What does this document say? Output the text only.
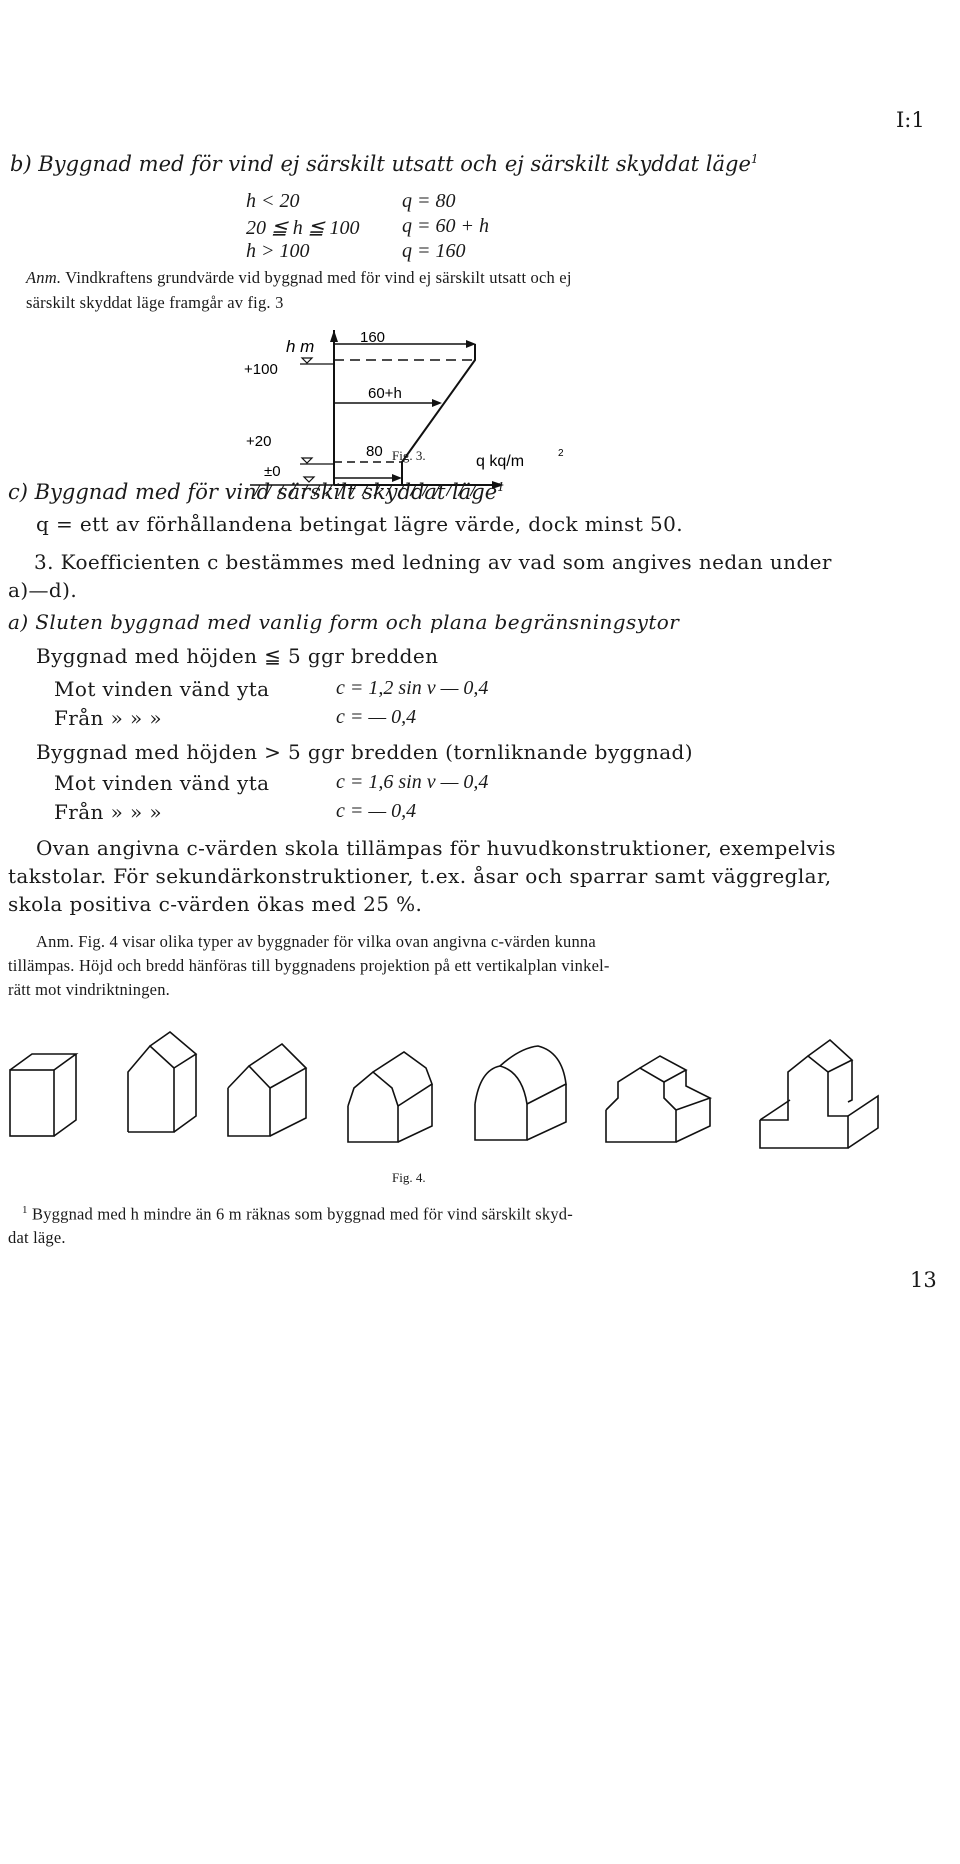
I:1
b) Byggnad med för vind ej särskilt utsatt och ej särskilt skyddat läge$^1$
h < 20	q = 80
20 ≦ h ≦ 100 q = 60 + h
h > 100	q = 160
Anm. Vindkraftens grundvärde vid byggnad med för vind ej särskilt utsatt och ej
särskilt skyddat läge framgår av fig. 3
h m
+100
+20
±0
160
60+h
80
q kq/m	2
Fig. 3.
c) Byggnad med för vind särskilt skyddat läge$^1$
q = ett av förhållandena betingat lägre värde, dock minst 50.
3. Koefficienten c bestämmes med ledning av vad som angives nedan under
a)—d).
a) Sluten byggnad med vanlig form och plana begränsningsytor
Byggnad med höjden ≦ 5 ggr bredden
Mot vinden vänd yta	c = 1,2 sin v — 0,4
Från » » »	c = — 0,4
Byggnad med höjden > 5 ggr bredden (tornliknande byggnad)
Mot vinden vänd yta	c = 1,6 sin v — 0,4
Från » » »	c = — 0,4
Ovan angivna c-värden skola tillämpas för huvudkonstruktioner, exempelvis
takstolar. För sekundärkonstruktioner, t.ex. åsar och sparrar samt väggreglar,
skola positiva c-värden ökas med 25 %.
Anm. Fig. 4 visar olika typer av byggnader för vilka ovan angivna c-värden kunna
tillämpas. Höjd och bredd hänföras till byggnadens projektion på ett vertikalplan vinkel-
rätt mot vindriktningen.
Fig. 4.
$^1$ Byggnad med h mindre än 6 m räknas som byggnad med för vind särskilt skyd-
dat läge.
13
